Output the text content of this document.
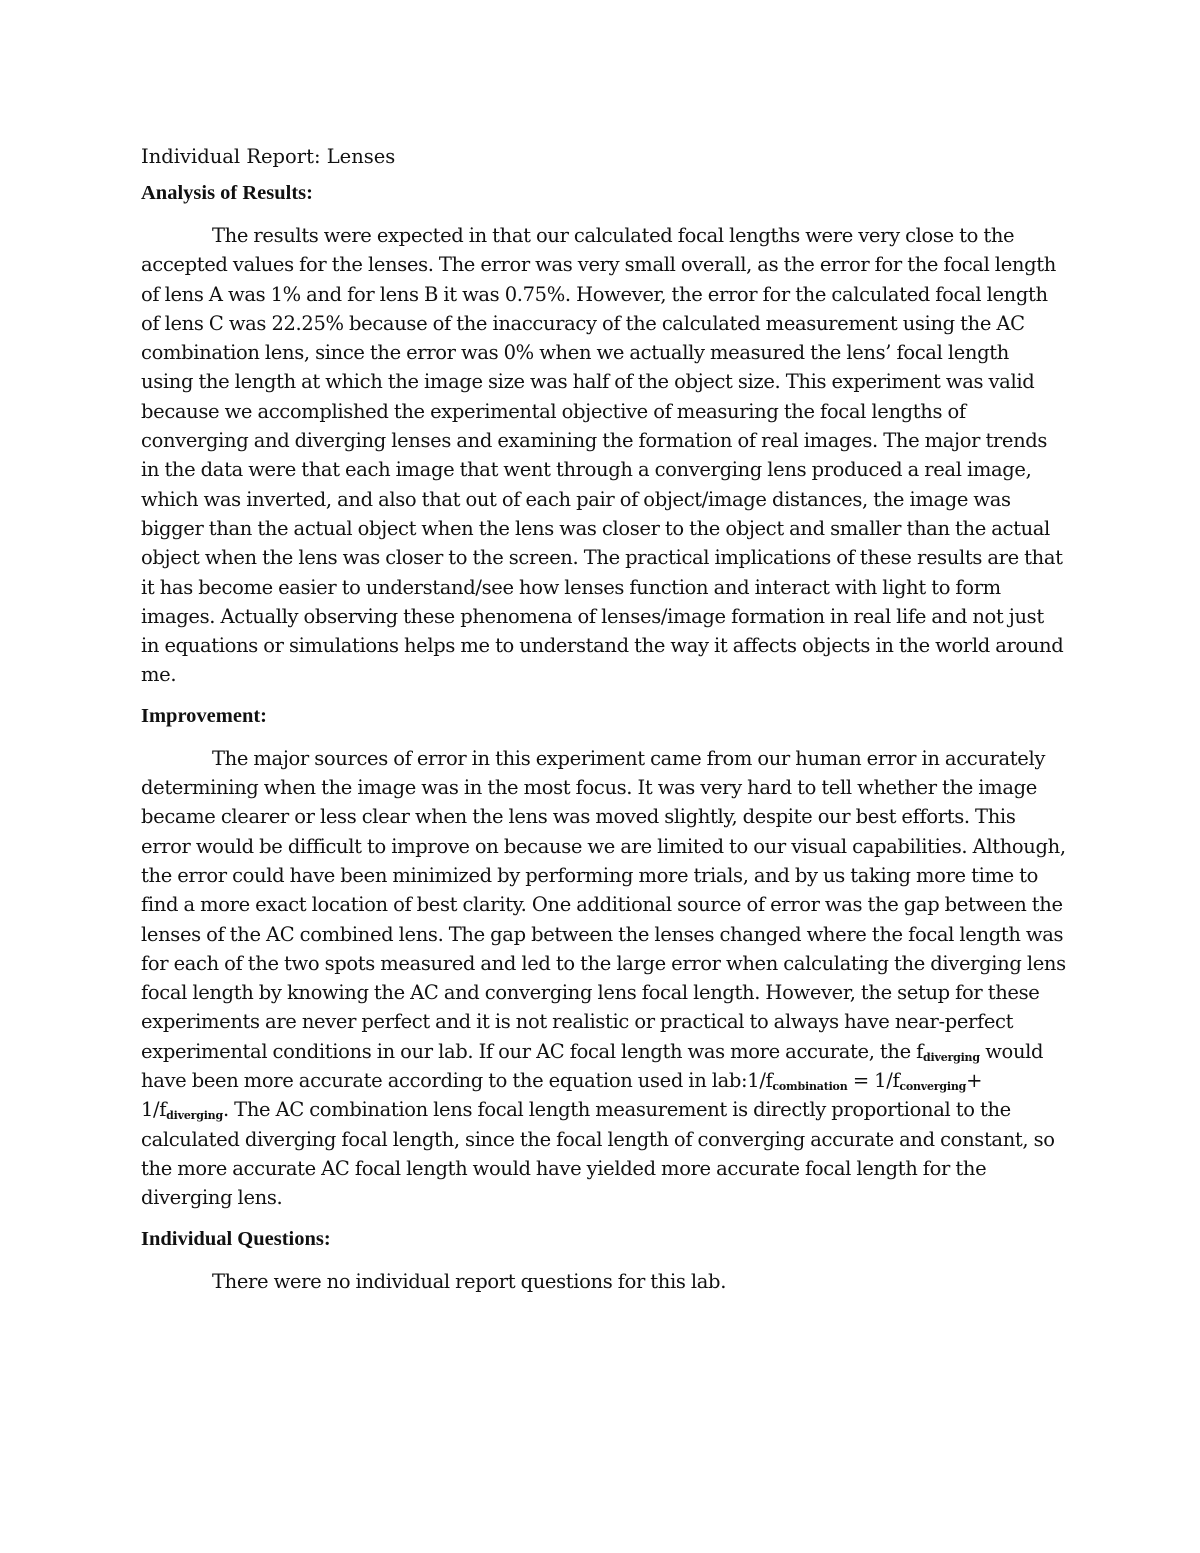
Individual Report: Lenses
Analysis of Results:

The results were expected in that our calculated focal lengths were very close to the accepted values for the lenses. The error was very small overall, as the error for the focal length of lens A was 1% and for lens B it was 0.75%. However, the error for the calculated focal length of lens C was 22.25% because of the inaccuracy of the calculated measurement using the AC combination lens, since the error was 0% when we actually measured the lens’ focal length using the length at which the image size was half of the object size. This experiment was valid because we accomplished the experimental objective of measuring the focal lengths of converging and diverging lenses and examining the formation of real images. The major trends in the data were that each image that went through a converging lens produced a real image, which was inverted, and also that out of each pair of object/image distances, the image was bigger than the actual object when the lens was closer to the object and smaller than the actual object when the lens was closer to the screen. The practical implications of these results are that it has become easier to understand/see how lenses function and interact with light to form images. Actually observing these phenomena of lenses/image formation in real life and not just in equations or simulations helps me to understand the way it affects objects in the world around me.

Improvement:

The major sources of error in this experiment came from our human error in accurately determining when the image was in the most focus. It was very hard to tell whether the image became clearer or less clear when the lens was moved slightly, despite our best efforts. This error would be difficult to improve on because we are limited to our visual capabilities. Although, the error could have been minimized by performing more trials, and by us taking more time to find a more exact location of best clarity. One additional source of error was the gap between the lenses of the AC combined lens. The gap between the lenses changed where the focal length was for each of the two spots measured and led to the large error when calculating the diverging lens focal length by knowing the AC and converging lens focal length. However, the setup for these experiments are never perfect and it is not realistic or practical to always have near-perfect experimental conditions in our lab. If our AC focal length was more accurate, the $f_{diverging}$ would have been more accurate according to the equation used in $lab:1/f_{combination} = 1/f_{converging}+ 1/f_{diverging}$. The AC combination lens focal length measurement is directly proportional to the calculated diverging focal length, since the focal length of converging accurate and constant, so the more accurate AC focal length would have yielded more accurate focal length for the diverging lens.

Individual Questions:

There were no individual report questions for this lab.
